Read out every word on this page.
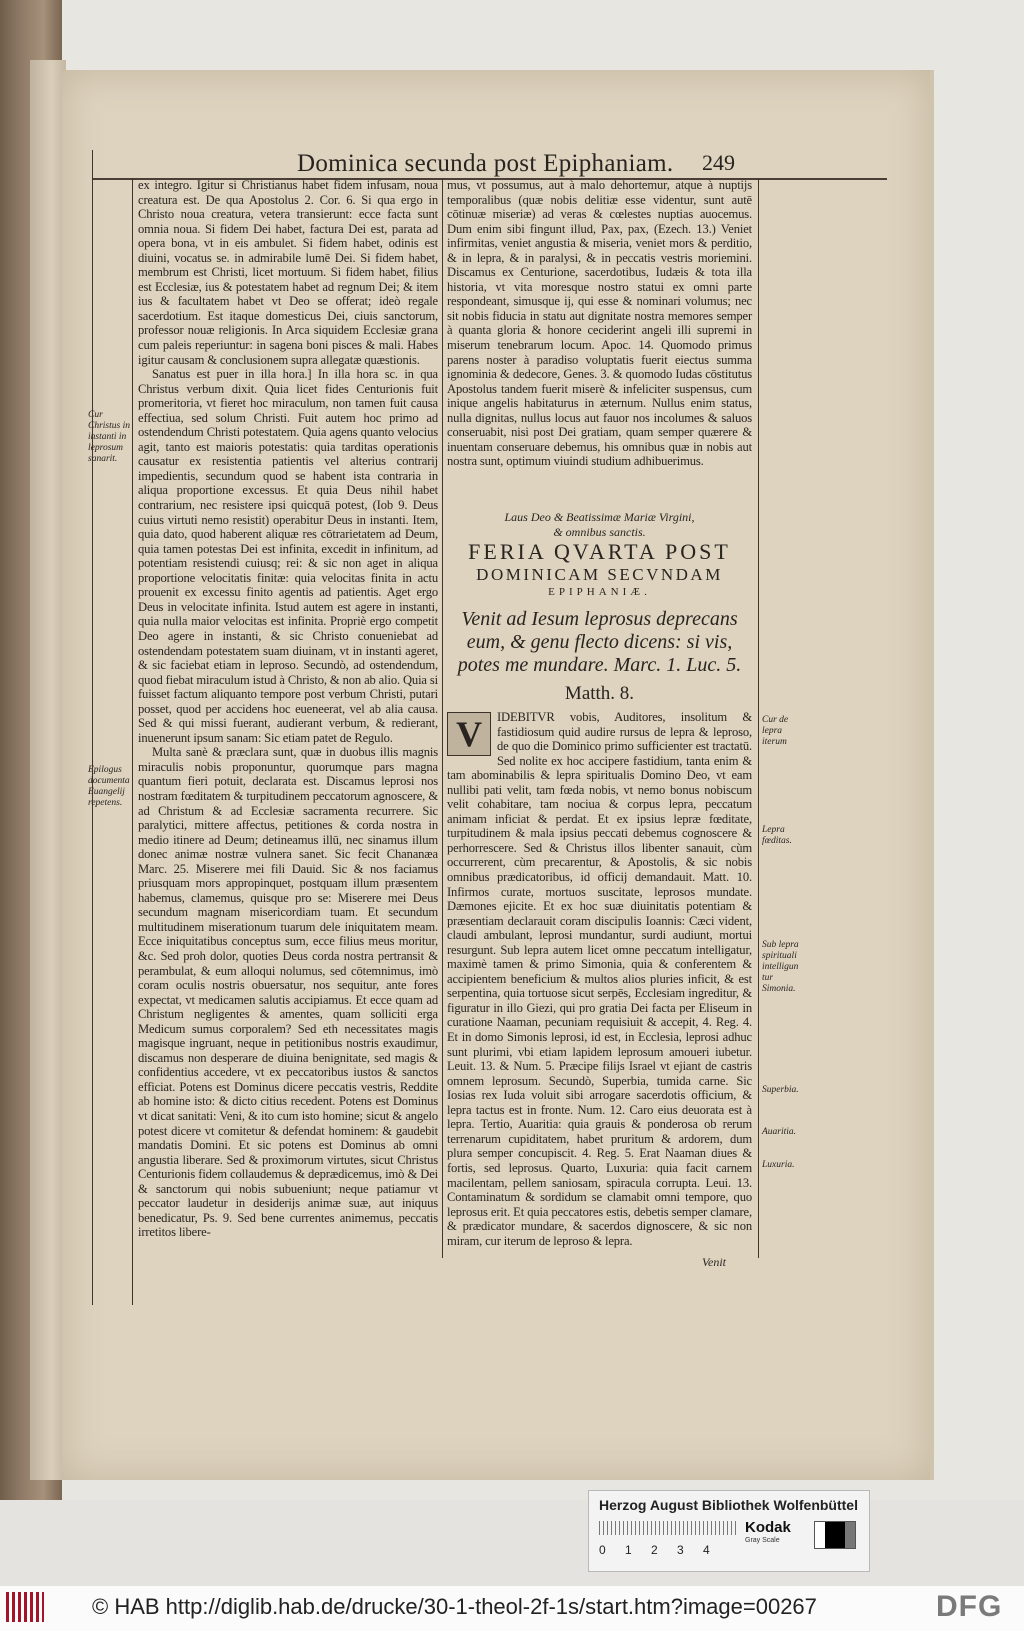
Dominica secunda post Epiphaniam. 249
Cur Christus in instanti in leprosum sanarit.
Epilogus documenta Euangelij repetens.

ex integro. Igitur si Christianus habet fidem infusam, noua creatura est. De qua Apostolus 2. Cor. 6. Si qua ergo in Christo noua creatura, vetera transierunt: ecce facta sunt omnia noua. Si fidem Dei habet, factura Dei est, parata ad opera bona, vt in eis ambulet. Si fidem habet, odinis est diuini, vocatus se. in admirabile lumē Dei. Si fidem habet, membrum est Christi, licet mortuum. Si fidem habet, filius est Ecclesiæ, ius & potestatem habet ad regnum Dei; & item ius & facultatem habet vt Deo se offerat; ideò regale sacerdotium. Est itaque domesticus Dei, ciuis sanctorum, professor nouæ religionis. In Arca siquidem Ecclesiæ grana cum paleis reperiuntur: in sagena boni pisces & mali. Habes igitur causam & conclusionem supra allegatæ quæstionis.

Sanatus est puer in illa hora.] In illa hora sc. in qua Christus verbum dixit. Quia licet fides Centurionis fuit promeritoria, vt fieret hoc miraculum, non tamen fuit causa effectiua, sed solum Christi. Fuit autem hoc primo ad ostendendum Christi potestatem. Quia agens quanto velocius agit, tanto est maioris potestatis: quia tarditas operationis causatur ex resistentia patientis vel alterius contrarij impedientis, secundum quod se habent ista contraria in aliqua proportione excessus. Et quia Deus nihil habet contrarium, nec resistere ipsi quicquā potest, (Iob 9. Deus cuius virtuti nemo resistit) operabitur Deus in instanti. Item, quia dato, quod haberent aliquæ res cōtrarietatem ad Deum, quia tamen potestas Dei est infinita, excedit in infinitum, ad potentiam resistendi cuiusq; rei: & sic non aget in aliqua proportione velocitatis finitæ: quia velocitas finita in actu prouenit ex excessu finito agentis ad patientis. Aget ergo Deus in velocitate infinita. Istud autem est agere in instanti, quia nulla maior velocitas est infinita. Propriè ergo competit Deo agere in instanti, & sic Christo conueniebat ad ostendendam potestatem suam diuinam, vt in instanti ageret, & sic faciebat etiam in leproso. Secundò, ad ostendendum, quod fiebat miraculum istud à Christo, & non ab alio. Quia si fuisset factum aliquanto tempore post verbum Christi, putari posset, quod per accidens hoc eueneerat, vel ab alia causa. Sed & qui missi fuerant, audierant verbum, & redierant, inuenerunt ipsum sanam: Sic etiam patet de Regulo.

Multa sanè & præclara sunt, quæ in duobus illis magnis miraculis nobis proponuntur, quorumque pars magna quantum fieri potuit, declarata est. Discamus leprosi nos nostram fœditatem & turpitudinem peccatorum agnoscere, & ad Christum & ad Ecclesiæ sacramenta recurrere. Sic paralytici, mittere affectus, petitiones & corda nostra in medio itinere ad Deum; detineamus illū, nec sinamus illum donec animæ nostræ vulnera sanet. Sic fecit Chananæa Marc. 25. Miserere mei fili Dauid. Sic & nos faciamus priusquam mors appropinquet, postquam illum præsentem habemus, clamemus, quisque pro se: Miserere mei Deus secundum magnam misericordiam tuam. Et secundum multitudinem miserationum tuarum dele iniquitatem meam. Ecce iniquitatibus conceptus sum, ecce filius meus moritur, &c. Sed proh dolor, quoties Deus corda nostra pertransit & perambulat, & eum alloqui nolumus, sed cōtemnimus, imò coram oculis nostris obuersatur, nos sequitur, ante fores expectat, vt medicamen salutis accipiamus. Et ecce quam ad Christum negligentes & amentes, quam solliciti erga Medicum sumus corporalem? Sed eth necessitates magis magisque ingruant, neque in petitionibus nostris exaudimur, discamus non desperare de diuina benignitate, sed magis & confidentius accedere, vt ex peccatoribus iustos & sanctos efficiat. Potens est Dominus dicere peccatis vestris, Reddite ab homine isto: & dicto citius recedent. Potens est Dominus vt dicat sanitati: Veni, & ito cum isto homine; sicut & angelo potest dicere vt comitetur & defendat hominem: & gaudebit mandatis Domini. Et sic potens est Dominus ab omni angustia liberare. Sed & proximorum virtutes, sicut Christus Centurionis fidem collaudemus & deprædicemus, imò & Dei & sanctorum qui nobis subueniunt; neque patiamur vt peccator laudetur in desiderijs animæ suæ, aut iniquus benedicatur, Ps. 9. Sed bene currentes animemus, peccatis irretitos libere-

mus, vt possumus, aut à malo dehortemur, atque à nuptijs temporalibus (quæ nobis delitiæ esse videntur, sunt autē cōtinuæ miseriæ) ad veras & cœlestes nuptias auocemus. Dum enim sibi fingunt illud, Pax, pax, (Ezech. 13.) Veniet infirmitas, veniet angustia & miseria, veniet mors & perditio, & in lepra, & in paralysi, & in peccatis vestris moriemini. Discamus ex Centurione, sacerdotibus, Iudæis & tota illa historia, vt vita moresque nostro statui ex omni parte respondeant, simusque ij, qui esse & nominari volumus; nec sit nobis fiducia in statu aut dignitate nostra memores semper à quanta gloria & honore ceciderint angeli illi supremi in miserum tenebrarum locum. Apoc. 14. Quomodo primus parens noster à paradiso voluptatis fuerit eiectus summa ignominia & dedecore, Genes. 3. & quomodo Iudas cōstitutus Apostolus tandem fuerit miserè & infeliciter suspensus, cum inique angelis habitaturus in æternum. Nullus enim status, nulla dignitas, nullus locus aut fauor nos incolumes & saluos conseruabit, nisi post Dei gratiam, quam semper quærere & inuentam conseruare debemus, his omnibus quæ in nobis aut nostra sunt, optimum viuindi studium adhibuerimus.

Laus Deo & Beatissimæ Mariæ Virgini,
& omnibus sanctis.
FERIA QVARTA POST
DOMINICAM SECVNDAM
EPIPHANIÆ.
Venit ad Iesum leprosus deprecans eum, & genu flecto dicens: si vis, potes me mundare. Marc. 1. Luc. 5.
Matth. 8.
V	IDEBITVR vobis, Auditores, insolitum & fastidiosum quid audire rursus de lepra & leproso, de quo die Dominico primo sufficienter est tractatū. Sed nolite ex hoc accipere fastidium, tanta enim & tam abominabilis & lepra spiritualis Domino Deo, vt eam nullibi pati velit, tam fœda nobis, vt nemo bonus nobiscum velit cohabitare, tam nociua & corpus lepra, peccatum animam inficiat & perdat. Et ex ipsius lepræ fœditate, turpitudinem & mala ipsius peccati debemus cognoscere & perhorrescere. Sed & Christus illos libenter sanauit, cùm occurrerent, cùm precarentur, & Apostolis, & sic nobis omnibus prædicatoribus, id officij demandauit. Matt. 10. Infirmos curate, mortuos suscitate, leprosos mundate. Dæmones ejicite. Et ex hoc suæ diuinitatis potentiam & præsentiam declarauit coram discipulis Ioannis: Cæci vident, claudi ambulant, leprosi mundantur, surdi audiunt, mortui resurgunt. Sub lepra autem licet omne peccatum intelligatur, maximè tamen & primo Simonia, quia & conferentem & accipientem beneficium & multos alios pluries inficit, & est serpentina, quia tortuose sicut serpēs, Ecclesiam ingreditur, & figuratur in illo Giezi, qui pro gratia Dei facta per Eliseum in curatione Naaman, pecuniam requisiuit & accepit, 4. Reg. 4. Et in domo Simonis leprosi, id est, in Ecclesia, leprosi adhuc sunt plurimi, vbi etiam lapidem leprosum amoueri iubetur. Leuit. 13. & Num. 5. Præcipe filijs Israel vt ejiant de castris omnem leprosum. Secundò, Superbia, tumida carne. Sic Iosias rex Iuda voluit sibi arrogare sacerdotis officium, & lepra tactus est in fronte. Num. 12. Caro eius deuorata est à lepra. Tertio, Auaritia: quia grauis & ponderosa ob rerum terrenarum cupiditatem, habet pruritum & ardorem, dum plura semper concupiscit. 4. Reg. 5. Erat Naaman diues & fortis, sed leprosus. Quarto, Luxuria: quia facit carnem macilentam, pellem saniosam, spiracula corrupta. Leui. 13. Contaminatum & sordidum se clamabit omni tempore, quo leprosus erit. Et quia peccatores estis, debetis semper clamare, & prædicator mundare, & sacerdos dignoscere, & sic non miram, cur iterum de leproso & lepra.

Cur de lepra iterum
Lepra fœditas.
Sub lepra spirituali intelligun tur Simonia.
Superbia.
Auaritia.
Luxuria.
Venit
Herzog August Bibliothek Wolfenbüttel
0 1 2 3 4
Kodak
Gray Scale
© HAB http://diglib.hab.de/drucke/30-1-theol-2f-1s/start.htm?image=00267	DFG
